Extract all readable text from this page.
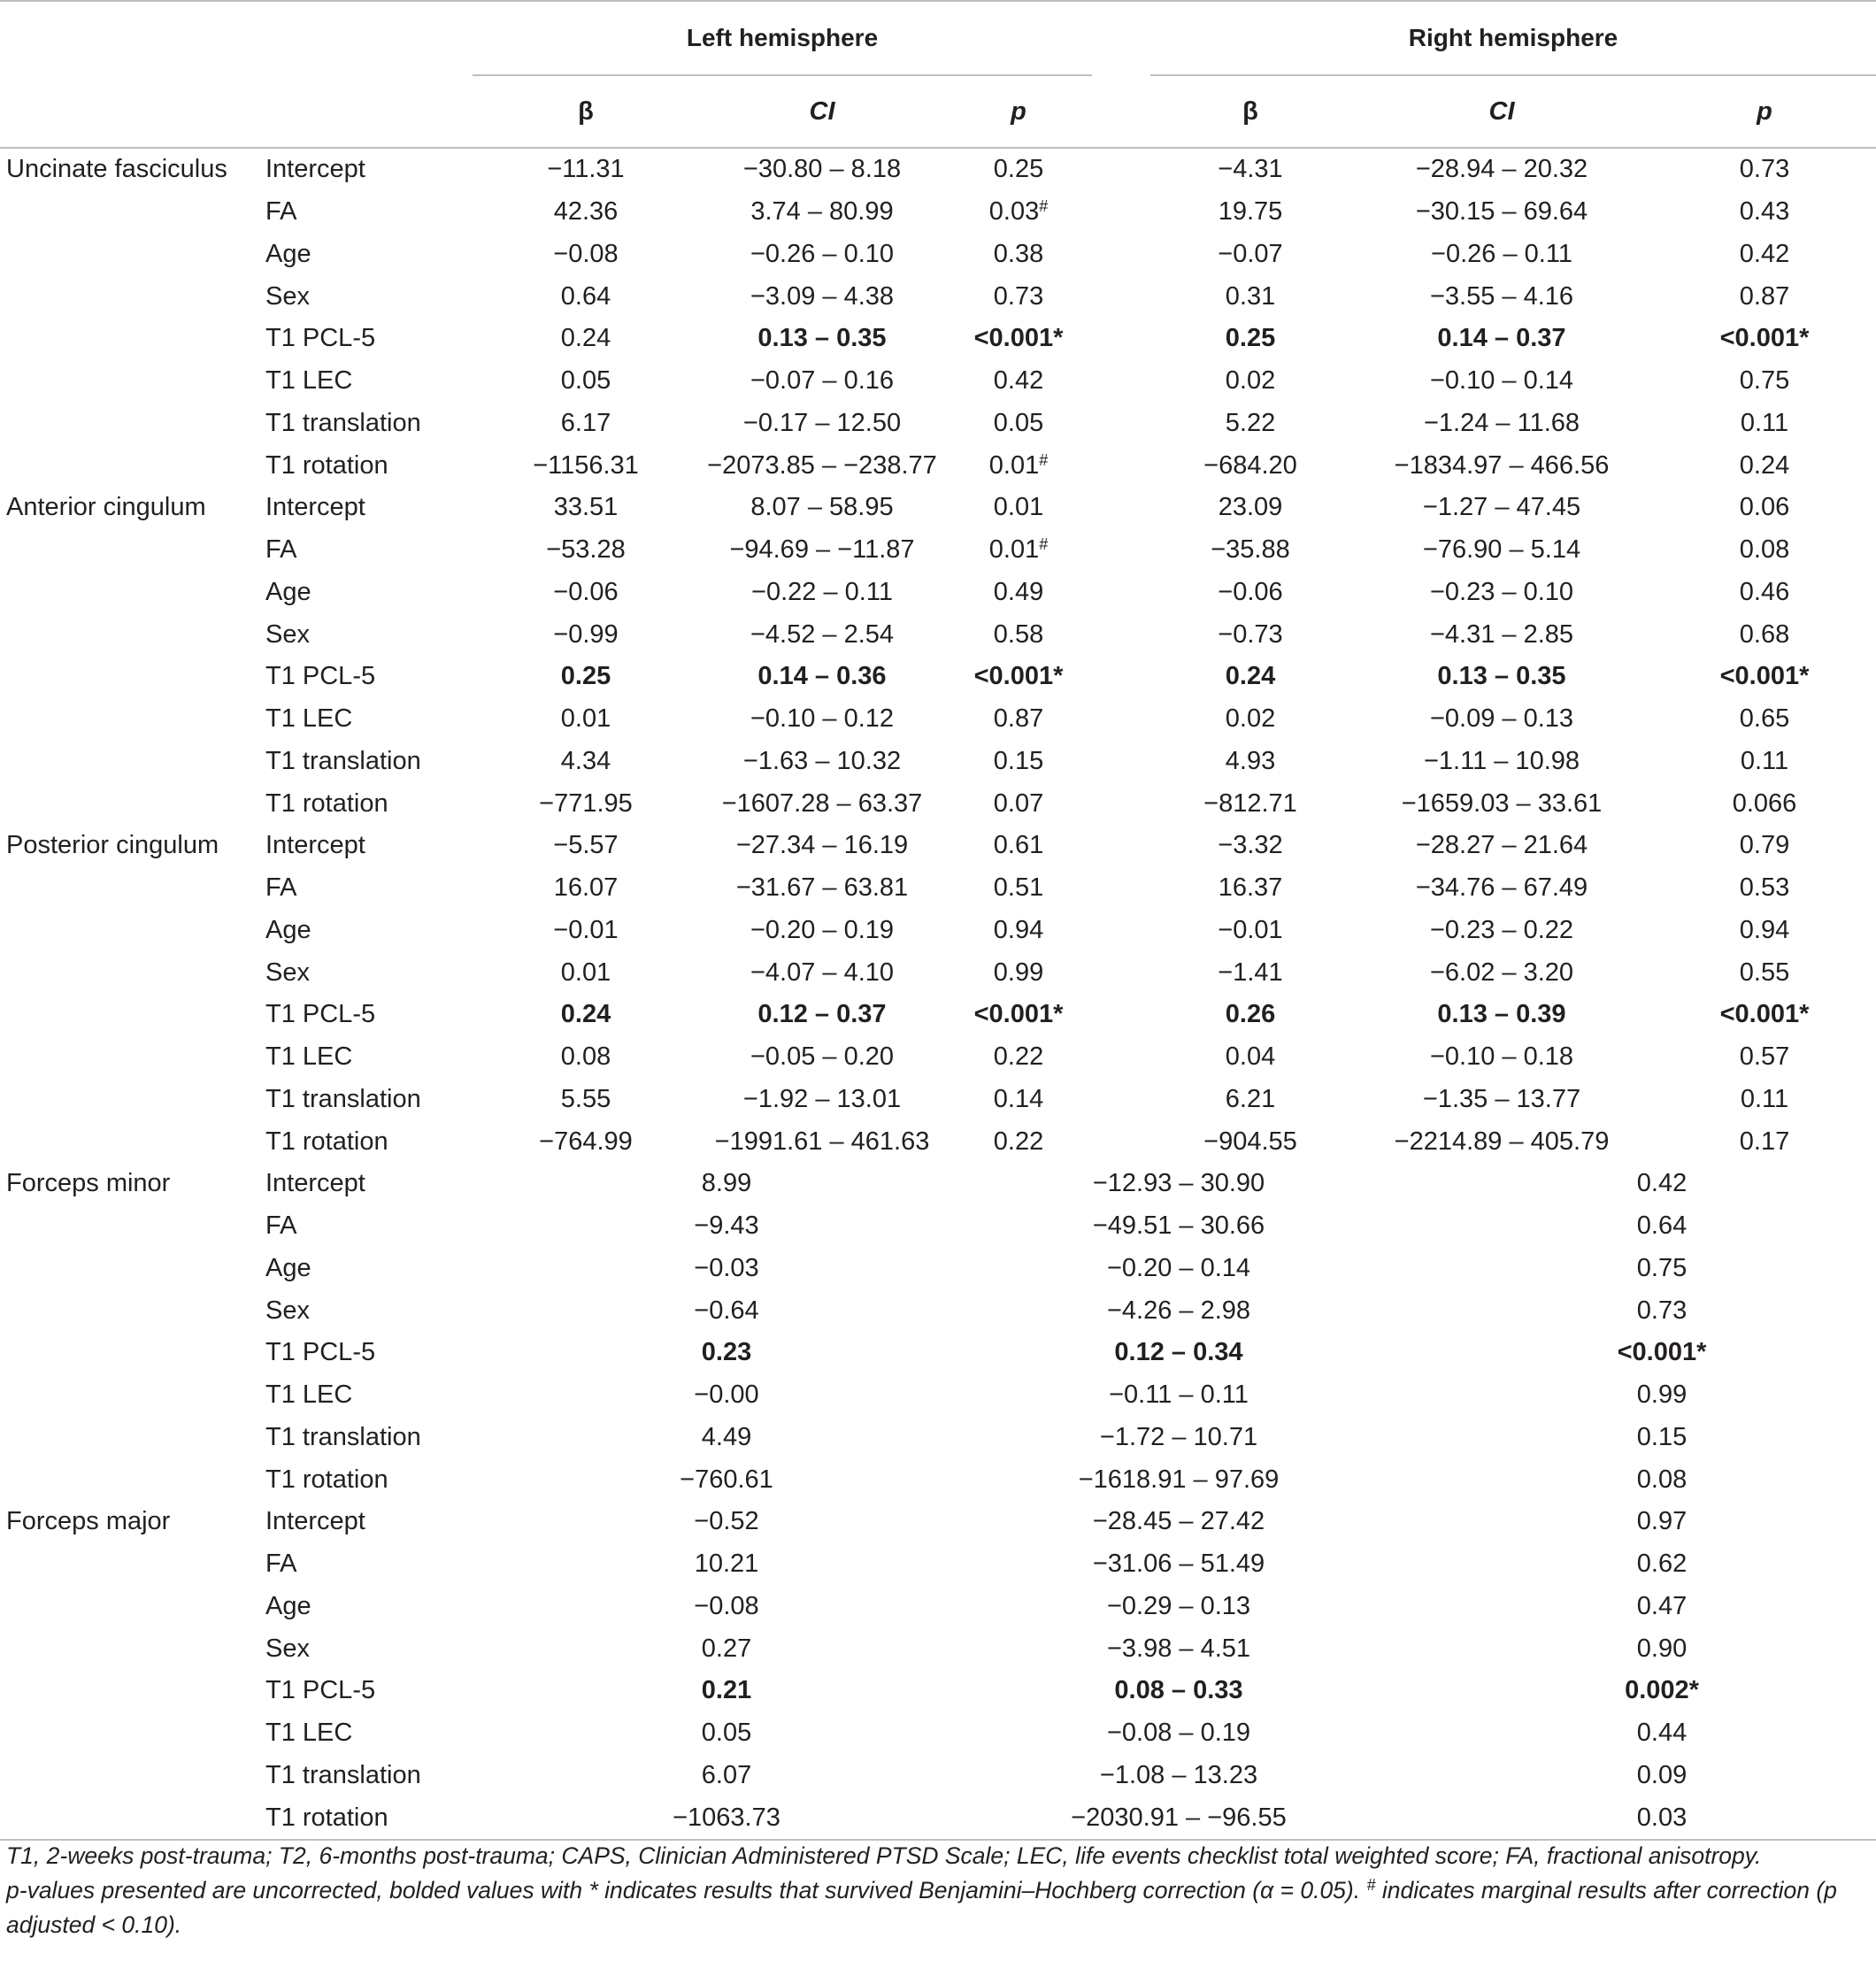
		Left hemisphere				Right hemisphere			

		β	CI	p		β	CI	p	

Uncinate fasciculus	Intercept	−11.31	−30.80 – 8.18	0.25		−4.31	−28.94 – 20.32	0.73	
	FA	42.36	3.74 – 80.99	0.03#		19.75	−30.15 – 69.64	0.43	
	Age	−0.08	−0.26 – 0.10	0.38		−0.07	−0.26 – 0.11	0.42	
	Sex	0.64	−3.09 – 4.38	0.73		0.31	−3.55 – 4.16	0.87	
	T1 PCL-5	0.24	0.13 – 0.35	<0.001*		0.25	0.14 – 0.37	<0.001*	
	T1 LEC	0.05	−0.07 – 0.16	0.42		0.02	−0.10 – 0.14	0.75	
	T1 translation	6.17	−0.17 – 12.50	0.05		5.22	−1.24 – 11.68	0.11	
	T1 rotation	−1156.31	−2073.85 – −238.77	0.01#		−684.20	−1834.97 – 466.56	0.24	
Anterior cingulum	Intercept	33.51	8.07 – 58.95	0.01		23.09	−1.27 – 47.45	0.06	
	FA	−53.28	−94.69 – −11.87	0.01#		−35.88	−76.90 – 5.14	0.08	
	Age	−0.06	−0.22 – 0.11	0.49		−0.06	−0.23 – 0.10	0.46	
	Sex	−0.99	−4.52 – 2.54	0.58		−0.73	−4.31 – 2.85	0.68	
	T1 PCL-5	0.25	0.14 – 0.36	<0.001*		0.24	0.13 – 0.35	<0.001*	
	T1 LEC	0.01	−0.10 – 0.12	0.87		0.02	−0.09 – 0.13	0.65	
	T1 translation	4.34	−1.63 – 10.32	0.15		4.93	−1.11 – 10.98	0.11	
	T1 rotation	−771.95	−1607.28 – 63.37	0.07		−812.71	−1659.03 – 33.61	0.066	
Posterior cingulum	Intercept	−5.57	−27.34 – 16.19	0.61		−3.32	−28.27 – 21.64	0.79	
	FA	16.07	−31.67 – 63.81	0.51		16.37	−34.76 – 67.49	0.53	
	Age	−0.01	−0.20 – 0.19	0.94		−0.01	−0.23 – 0.22	0.94	
	Sex	0.01	−4.07 – 4.10	0.99		−1.41	−6.02 – 3.20	0.55	
	T1 PCL-5	0.24	0.12 – 0.37	<0.001*		0.26	0.13 – 0.39	<0.001*	
	T1 LEC	0.08	−0.05 – 0.20	0.22		0.04	−0.10 – 0.18	0.57	
	T1 translation	5.55	−1.92 – 13.01	0.14		6.21	−1.35 – 13.77	0.11	
	T1 rotation	−764.99	−1991.61 – 461.63	0.22		−904.55	−2214.89 – 405.79	0.17	
Forceps minor	Intercept	8.99		−12.93 – 30.90			0.42		
	FA	−9.43		−49.51 – 30.66			0.64		
	Age	−0.03		−0.20 – 0.14			0.75		
	Sex	−0.64		−4.26 – 2.98			0.73		
	T1 PCL-5	0.23		0.12 – 0.34			<0.001*		
	T1 LEC	−0.00		−0.11 – 0.11			0.99		
	T1 translation	4.49		−1.72 – 10.71			0.15		
	T1 rotation	−760.61		−1618.91 – 97.69			0.08		
Forceps major	Intercept	−0.52		−28.45 – 27.42			0.97		
	FA	10.21		−31.06 – 51.49			0.62		
	Age	−0.08		−0.29 – 0.13			0.47		
	Sex	0.27		−3.98 – 4.51			0.90		
	T1 PCL-5	0.21		0.08 – 0.33			0.002*		
	T1 LEC	0.05		−0.08 – 0.19			0.44		
	T1 translation	6.07		−1.08 – 13.23			0.09		
	T1 rotation	−1063.73		−2030.91 – −96.55			0.03		

T1, 2-weeks post-trauma; T2, 6-months post-trauma; CAPS, Clinician Administered PTSD Scale; LEC, life events checklist total weighted score; FA, fractional anisotropy.

p-values presented are uncorrected, bolded values with * indicates results that survived Benjamini–Hochberg correction (α = 0.05). # indicates marginal results after correction (p adjusted < 0.10).
